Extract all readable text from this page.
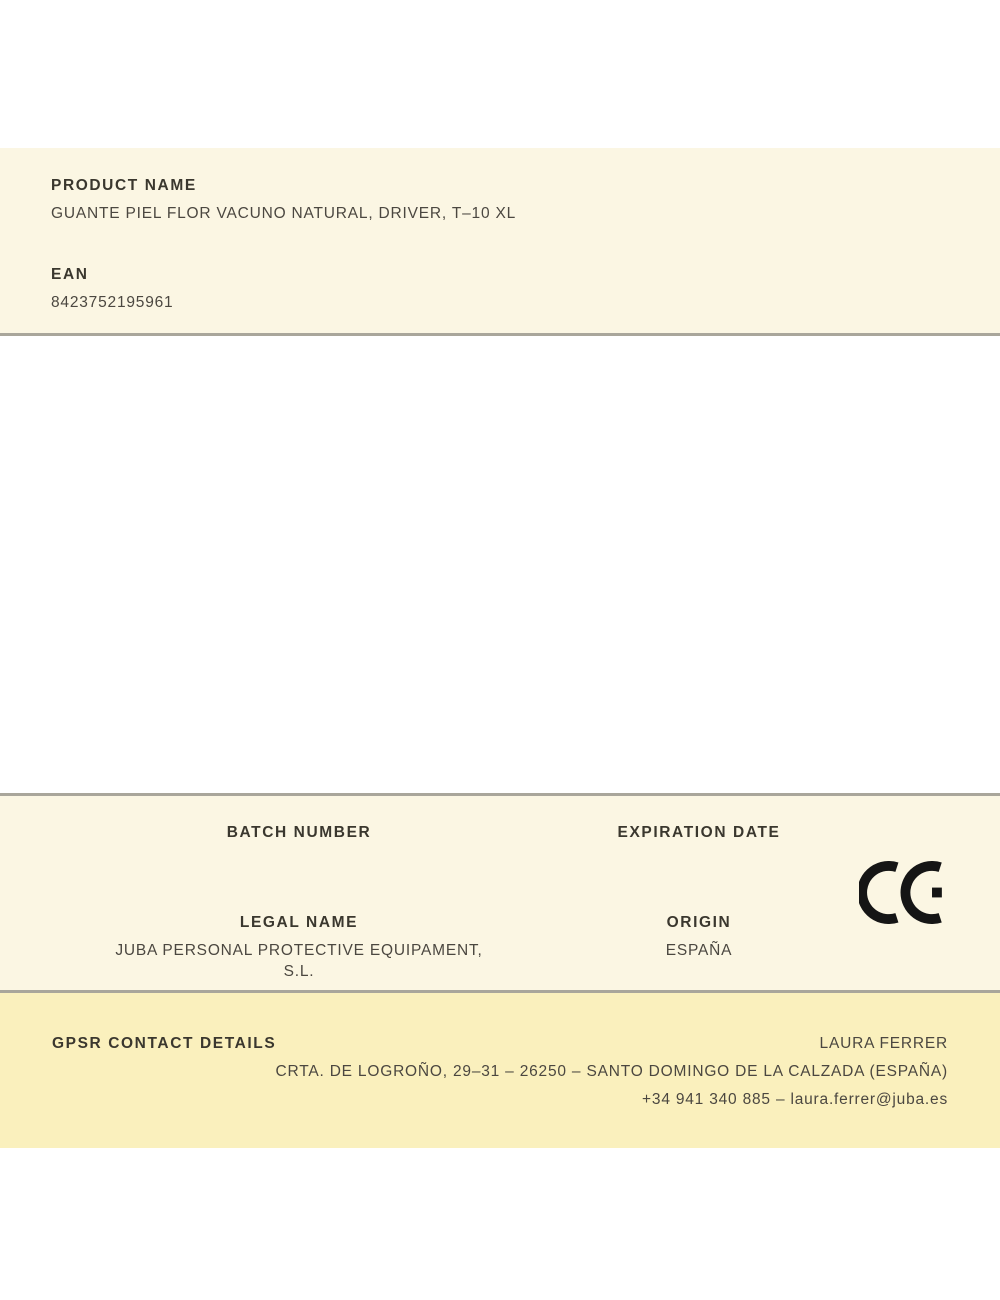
PRODUCT NAME
GUANTE PIEL FLOR VACUNO NATURAL, DRIVER, T–10 XL
EAN
8423752195961
BATCH NUMBER	EXPIRATION DATE
LEGAL NAME
JUBA PERSONAL PROTECTIVE EQUIPAMENT, S.L.
ORIGIN
ESPAÑA
GPSR CONTACT DETAILS	LAURA FERRER
CRTA. DE LOGROÑO, 29–31 – 26250 – SANTO DOMINGO DE LA CALZADA (ESPAÑA)
+34 941 340 885 – laura.ferrer@juba.es
